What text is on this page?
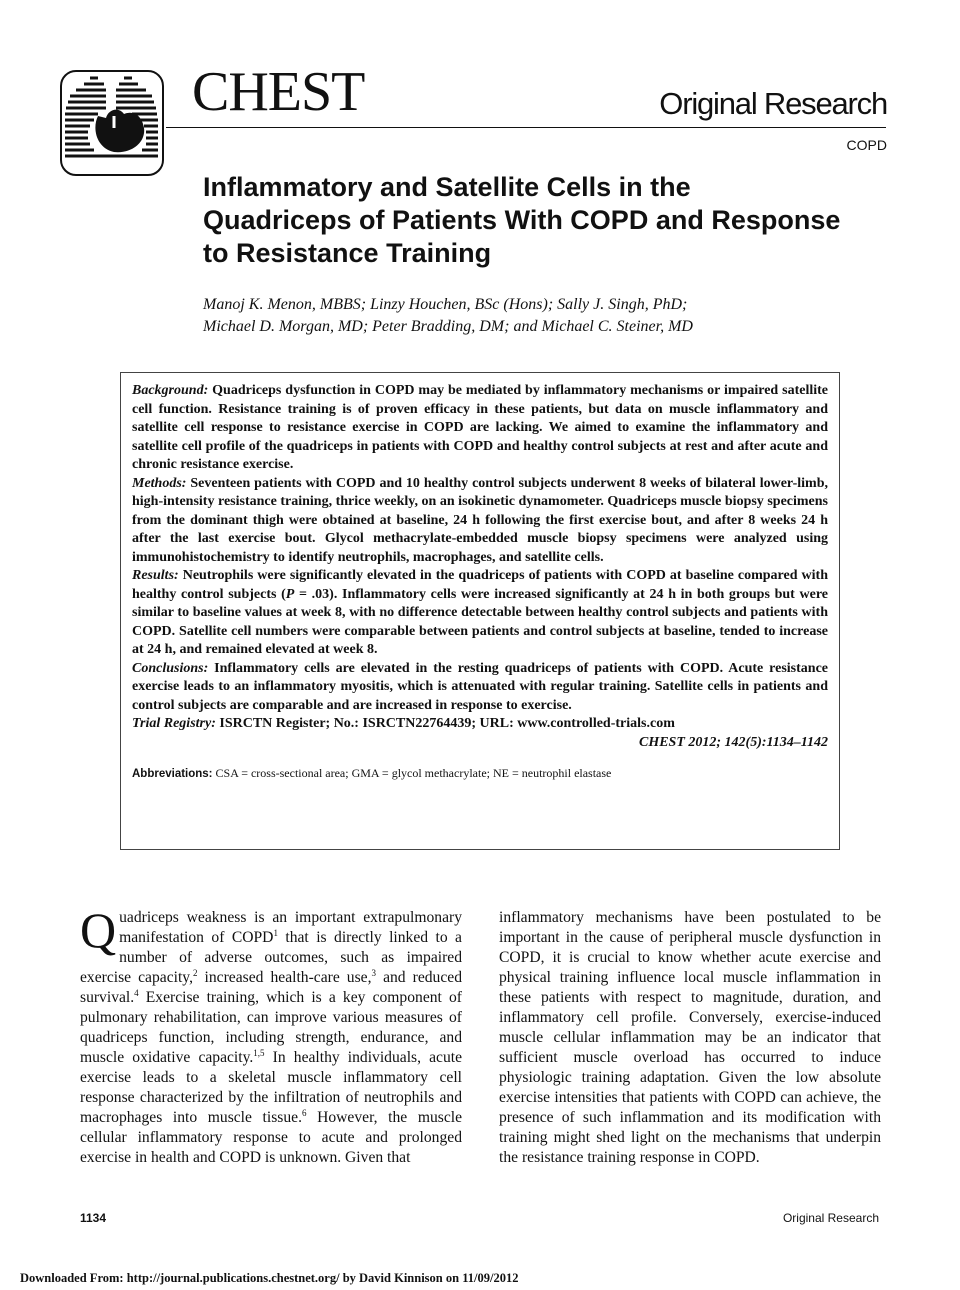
CHEST	Original Research
COPD
Inflammatory and Satellite Cells in the Quadriceps of Patients With COPD and Response to Resistance Training
Manoj K. Menon, MBBS; Linzy Houchen, BSc (Hons); Sally J. Singh, PhD;
Michael D. Morgan, MD; Peter Bradding, DM; and Michael C. Steiner, MD

Background: Quadriceps dysfunction in COPD may be mediated by inflammatory mechanisms or impaired satellite cell function. Resistance training is of proven efficacy in these patients, but data on muscle inflammatory and satellite cell response to resistance exercise in COPD are lacking. We aimed to examine the inflammatory and satellite cell profile of the quadriceps in patients with COPD and healthy control subjects at rest and after acute and chronic resistance exercise.

Methods: Seventeen patients with COPD and 10 healthy control subjects underwent 8 weeks of bilateral lower-limb, high-intensity resistance training, thrice weekly, on an isokinetic dynamometer. Quadriceps muscle biopsy specimens from the dominant thigh were obtained at baseline, 24 h following the first exercise bout, and after 8 weeks 24 h after the last exercise bout. Glycol methacrylate-embedded muscle biopsy specimens were analyzed using immunohistochemistry to identify neutrophils, macrophages, and satellite cells.

Results: Neutrophils were significantly elevated in the quadriceps of patients with COPD at baseline compared with healthy control subjects (P = .03). Inflammatory cells were increased significantly at 24 h in both groups but were similar to baseline values at week 8, with no difference detectable between healthy control subjects and patients with COPD. Satellite cell numbers were comparable between patients and control subjects at baseline, tended to increase at 24 h, and remained elevated at week 8.

Conclusions: Inflammatory cells are elevated in the resting quadriceps of patients with COPD. Acute resistance exercise leads to an inflammatory myositis, which is attenuated with regular training. Satellite cells in patients and control subjects are comparable and are increased in response to exercise.

Trial Registry: ISRCTN Register; No.: ISRCTN22764439; URL: www.controlled-trials.com

CHEST 2012; 142(5):1134–1142
Abbreviations: CSA = cross-sectional area; GMA = glycol methacrylate; NE = neutrophil elastase
Quadriceps weakness is an important extrapulmonary manifestation of COPD$^1$ that is directly linked to a number of adverse outcomes, such as impaired exercise capacity,$^2$ increased health-care use,$^3$ and reduced survival.$^4$ Exercise training, which is a key component of pulmonary rehabilitation, can improve various measures of quadriceps function, including strength, endurance, and muscle oxidative capacity.$^{1,5}$ In healthy individuals, acute exercise leads to a skeletal muscle inflammatory cell response characterized by the infiltration of neutrophils and macrophages into muscle tissue.$^6$ However, the muscle cellular inflammatory response to acute and prolonged exercise in health and COPD is unknown. Given that
inflammatory mechanisms have been postulated to be important in the cause of peripheral muscle dysfunction in COPD, it is crucial to know whether acute exercise and physical training influence local muscle inflammation in these patients with respect to magnitude, duration, and inflammatory cell profile. Conversely, exercise-induced muscle cellular inflammation may be an indicator that sufficient muscle overload has occurred to induce physiologic training adaptation. Given the low absolute exercise intensities that patients with COPD can achieve, the presence of such inflammation and its modification with training might shed light on the mechanisms that underpin the resistance training response in COPD.
1134	Original Research
Downloaded From: http://journal.publications.chestnet.org/ by David Kinnison on 11/09/2012
